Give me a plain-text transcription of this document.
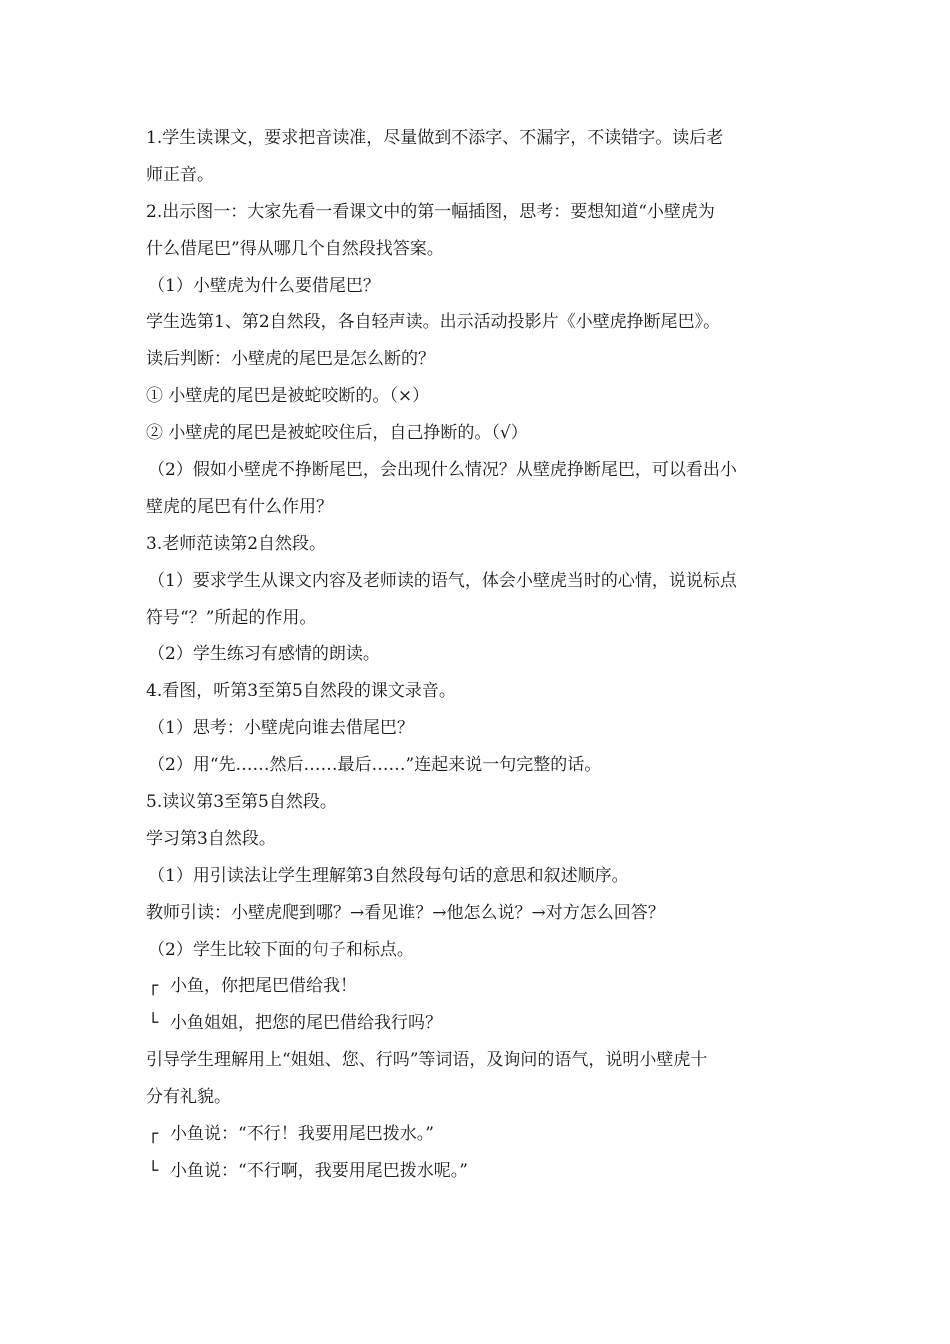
1.学生读课文，要求把音读准，尽量做到不添字、不漏字，不读错字。读后老
师正音。
2.出示图一：大家先看一看课文中的第一幅插图，思考：要想知道“小壁虎为
什么借尾巴”得从哪几个自然段找答案。
（1）小壁虎为什么要借尾巴？
学生选第1、第2自然段，各自轻声读。出示活动投影片《小壁虎挣断尾巴》。
读后判断：小壁虎的尾巴是怎么断的？
① 小壁虎的尾巴是被蛇咬断的。（×）
② 小壁虎的尾巴是被蛇咬住后，自己挣断的。（√）
（2）假如小壁虎不挣断尾巴，会出现什么情况？从壁虎挣断尾巴，可以看出小
壁虎的尾巴有什么作用？
3.老师范读第2自然段。
（1）要求学生从课文内容及老师读的语气，体会小壁虎当时的心情，说说标点
符号“？”所起的作用。
（2）学生练习有感情的朗读。
4.看图，听第3至第5自然段的课文录音。
（1）思考：小壁虎向谁去借尾巴？
（2）用“先……然后……最后……”连起来说一句完整的话。
5.读议第3至第5自然段。
学习第3自然段。
（1）用引读法让学生理解第3自然段每句话的意思和叙述顺序。
教师引读：小壁虎爬到哪？→看见谁？→他怎么说？→对方怎么回答？
（2）学生比较下面的句子和标点。
┌ 小鱼，你把尾巴借给我！
└ 小鱼姐姐，把您的尾巴借给我行吗？
引导学生理解用上“姐姐、您、行吗”等词语，及询问的语气，说明小壁虎十
分有礼貌。
┌ 小鱼说：“不行！我要用尾巴拨水。”
└ 小鱼说：“不行啊，我要用尾巴拨水呢。”
